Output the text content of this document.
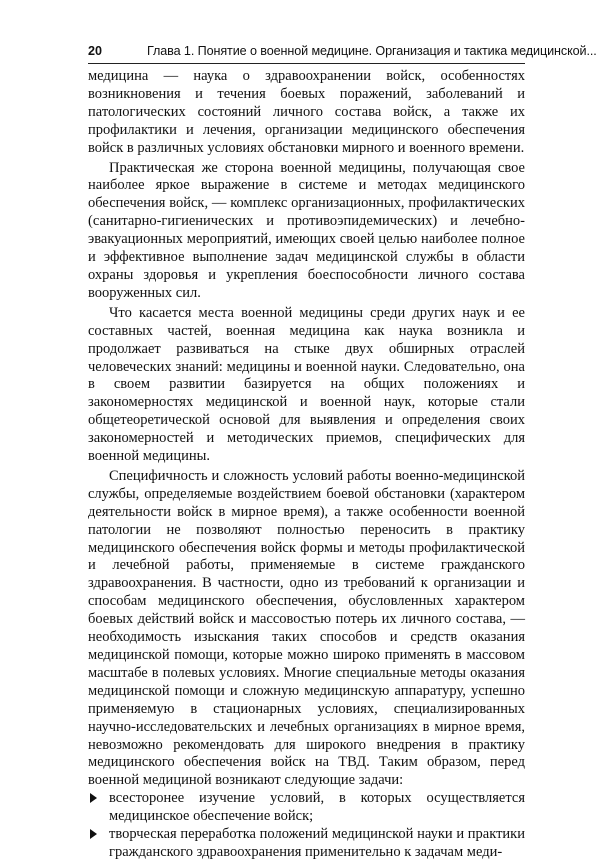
20	Глава 1. Понятие о военной медицине. Организация и тактика медицинской...

медицина — наука о здравоохранении войск, особенностях возникновения и течения боевых поражений, заболеваний и патологических состояний личного состава войск, а также их профилактики и лечения, организации медицинского обеспечения войск в различных условиях обстановки мирного и военного времени.

Практическая же сторона военной медицины, получающая свое наиболее яркое выражение в системе и методах медицинского обеспечения войск, — комплекс организационных, профилактических (санитарно-гигиенических и противоэпидемических) и лечебно-эвакуационных мероприятий, имеющих своей целью наиболее полное и эффективное выполнение задач медицинской службы в области охраны здоровья и укрепления боеспособности личного состава вооруженных сил.

Что касается места военной медицины среди других наук и ее составных частей, военная медицина как наука возникла и продолжает развиваться на стыке двух обширных отраслей человеческих знаний: медицины и военной науки. Следовательно, она в своем развитии базируется на общих положениях и закономерностях медицинской и военной наук, которые стали общетеоретической основой для выявления и определения своих закономерностей и методических приемов, специфических для военной медицины.

Специфичность и сложность условий работы военно-медицинской службы, определяемые воздействием боевой обстановки (характером деятельности войск в мирное время), а также особенности военной патологии не позволяют полностью переносить в практику медицинского обеспечения войск формы и методы профилактической и лечебной работы, применяемые в системе гражданского здравоохранения. В частности, одно из требований к организации и способам медицинского обеспечения, обусловленных характером боевых действий войск и массовостью потерь их личного состава, — необходимость изыскания таких способов и средств оказания медицинской помощи, которые можно широко применять в массовом масштабе в полевых условиях. Многие специальные методы оказания медицинской помощи и сложную медицинскую аппаратуру, успешно применяемую в стационарных условиях, специализированных научно-исследовательских и лечебных организациях в мирное время, невозможно рекомендовать для широкого внедрения в практику медицинского обеспечения войск на ТВД. Таким образом, перед военной медициной возникают следующие задачи:

всесторонее изучение условий, в которых осуществляется медицинское обеспечение войск;
творческая переработка положений медицинской науки и практики гражданского здравоохранения применительно к задачам меди-
